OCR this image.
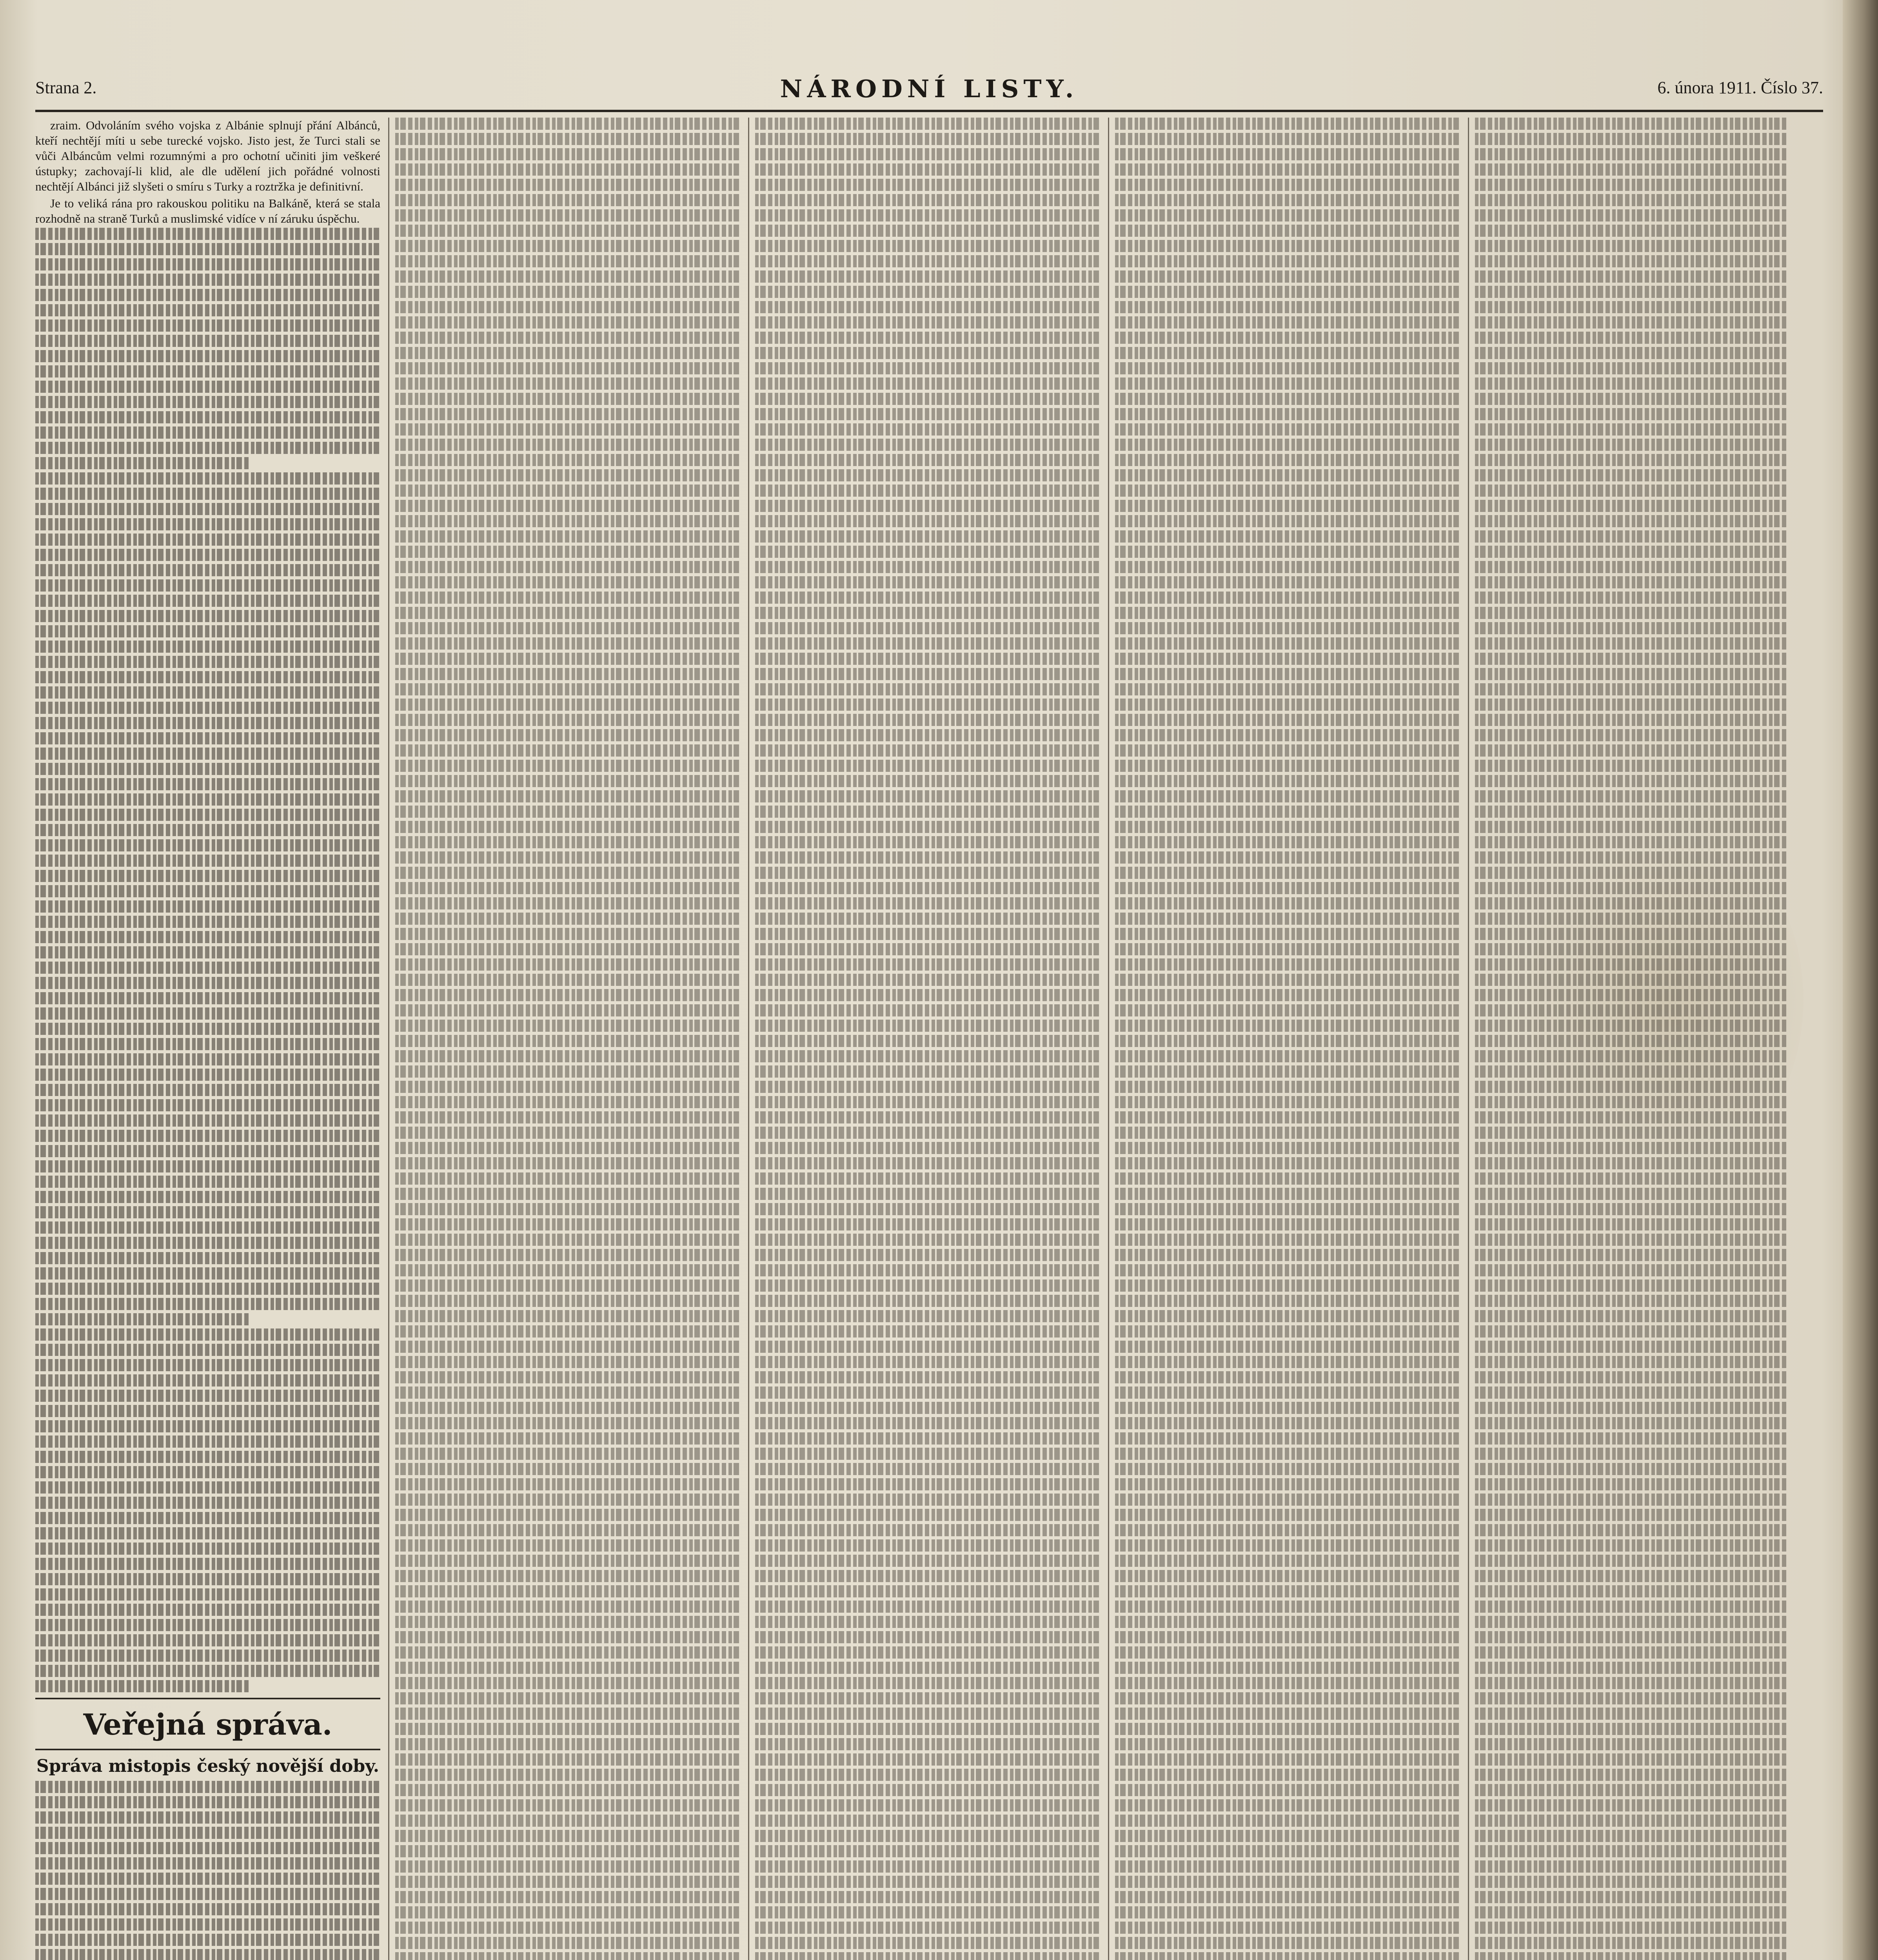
Strana 2.	NÁRODNÍ LISTY.	6. února 1911. Číslo 37.

zraim. Odvoláním svého vojska z Albánie splnují přání Albánců, kteří nechtějí míti u sebe turecké vojsko. Jisto jest, že Turci stali se vůči Albáncům velmi rozumnými a pro ochotní učiniti jim veškeré ústupky; zachovají-li klid, ale dle udělení jich pořádné volnosti nechtějí Albánci již slyšeti o smíru s Turky a roztržka je definitivní.

Je to veliká rána pro rakouskou politiku na Balkáně, která se stala rozhodně na straně Turků a muslimské vidíce v ní záruku úspěchu.

Veřejná správa.
Správa mistopis český novější doby.
